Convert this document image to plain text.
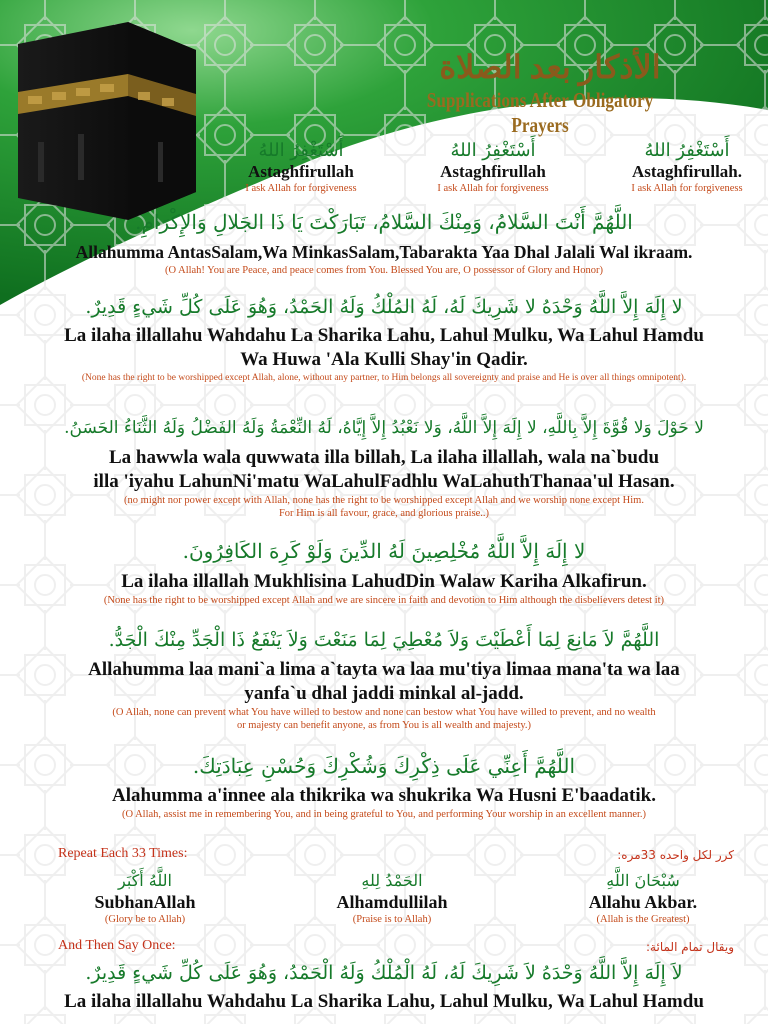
الأذكار بعد الصلاة
Supplications After Obligatory Prayers
أَسْتَغْفِرُ اللهُ
Astaghfirullah
I ask Allah for forgiveness
أَسْتَغْفِرُ اللهُ
Astaghfirullah
I ask Allah for forgiveness
أَسْتَغْفِرُ اللهُ
Astaghfirullah.
I ask Allah for forgiveness
اللَّهُمَّ أَنْتَ السَّلامُ، وَمِنْكَ السَّلامُ، تَبَارَكْتَ يَا ذَا الجَلالِ وَالإِكْرَامِ.
Allahumma AntasSalam,Wa MinkasSalam,Tabarakta Yaa Dhal Jalali Wal ikraam.
(O Allah! You are Peace, and peace comes from You. Blessed You are, O possessor of Glory and Honor)
لا إِلَهَ إِلاَّ اللَّهُ وَحْدَهُ لا شَرِيكَ لَهُ، لَهُ المُلْكُ وَلَهُ الحَمْدُ، وَهُوَ عَلَى كُلِّ شَيءٍ قَدِيرٌ.
La ilaha illallahu Wahdahu La Sharika Lahu, Lahul Mulku, Wa Lahul Hamdu
Wa Huwa 'Ala Kulli Shay'in Qadir.
(None has the right to be worshipped except Allah, alone, without any partner, to Him belongs all sovereignty and praise and He is over all things omnipotent).
لا حَوْلَ وَلا قُوَّةَ إِلاَّ بِاللَّهِ، لا إِلَهَ إِلاَّ اللَّهُ، وَلا نَعْبُدُ إِلاَّ إِيَّاهُ، لَهُ النِّعْمَةُ وَلَهُ الفَضْلُ وَلَهُ الثَّنَاءُ الحَسَنُ.
La hawwla wala quwwata illa billah, La ilaha illallah, wala na`budu
illa 'iyahu LahunNi'matu WaLahulFadhlu WaLahuthThanaa'ul Hasan.
(no might nor power except with Allah, none has the right to be worshipped except Allah and we worship none except Him.
For Him is all favour, grace, and glorious praise..)
لا إِلَهَ إِلاَّ اللَّهُ مُخْلِصِينَ لَهُ الدِّينَ وَلَوْ كَرِهَ الكَافِرُونَ.
La ilaha illallah Mukhlisina LahudDin Walaw Kariha Alkafirun.
(None has the right to be worshipped except Allah and we are sincere in faith and devotion to Him although the disbelievers detest it)
اللَّهُمَّ لاَ مَانِعَ لِمَا أَعْطَيْتَ وَلاَ مُعْطِيَ لِمَا مَنَعْتَ وَلاَ يَنْفَعُ ذَا الْجَدِّ مِنْكَ الْجَدُّ.
Allahumma laa mani`a lima a`tayta wa laa mu'tiya limaa mana'ta wa laa
yanfa`u dhal jaddi minkal al-jadd.
(O Allah, none can prevent what You have willed to bestow and none can bestow what You have willed to prevent, and no wealth
or majesty can benefit anyone, as from You is all wealth and majesty.)
اللَّهُمَّ أَعِنِّي عَلَى ذِكْرِكَ وَشُكْرِكَ وَحُسْنِ عِبَادَتِكَ.
Alahumma a'innee ala thikrika wa shukrika Wa Husni E'baadatik.
(O Allah, assist me in remembering You, and in being grateful to You, and performing Your worship in an excellent manner.)
Repeat Each 33 Times:	كرر لكل واحده 33مره:
اللَّهُ أَكْبَر
SubhanAllah
(Glory be to Allah)
الحَمْدُ لِلهِ
Alhamdullilah
(Praise is to Allah)
سُبْحَانَ اللَّهِ
Allahu Akbar.
(Allah is the Greatest)
And Then Say Once:	ويقال تمام المائة:
لاَ إِلَهَ إِلاَّ اللَّهُ وَحْدَهُ لاَ شَرِيكَ لَهُ، لَهُ الْمُلْكُ وَلَهُ الْحَمْدُ، وَهُوَ عَلَى كُلِّ شَيءٍ قَدِيرٌ.
La ilaha illallahu Wahdahu La Sharika Lahu, Lahul Mulku, Wa Lahul Hamdu
